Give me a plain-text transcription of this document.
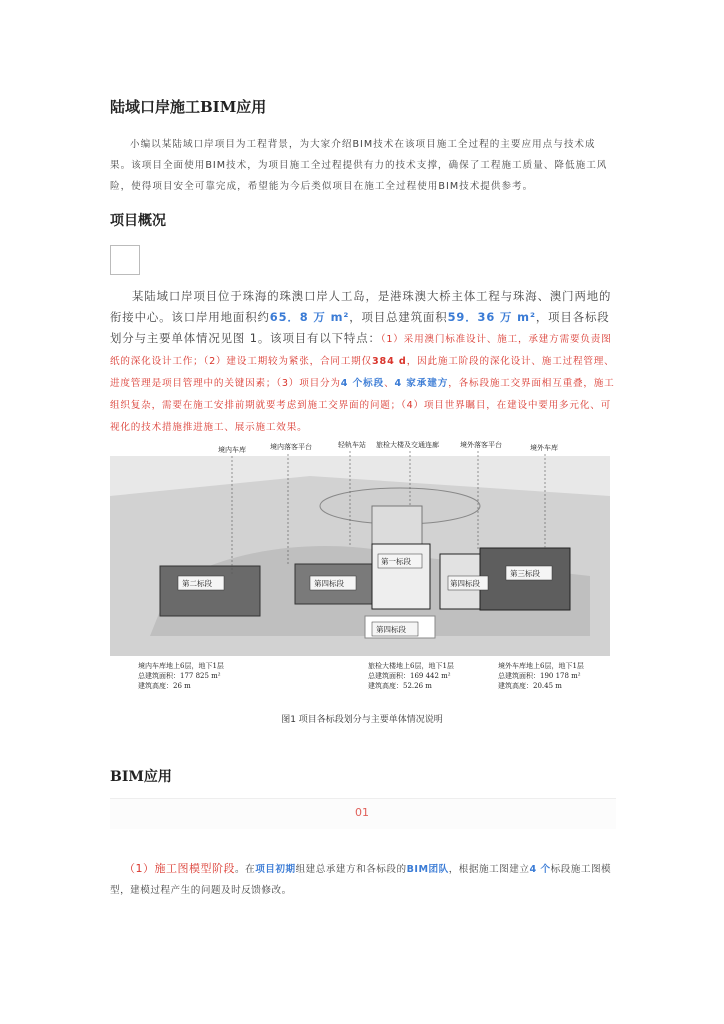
陆域口岸施工BIM应用
小编以某陆域口岸项目为工程背景，为大家介绍BIM技术在该项目施工全过程的主要应用点与技术成果。该项目全面使用BIM技术，为项目施工全过程提供有力的技术支撑，确保了工程施工质量、降低施工风险，使得项目安全可靠完成，希望能为今后类似项目在施工全过程使用BIM技术提供参考。
项目概况
某陆域口岸项目位于珠海的珠澳口岸人工岛，是港珠澳大桥主体工程与珠海、澳门两地的衔接中心。该口岸用地面积约65．8 万 m²，项目总建筑面积59．36 万 m²，项目各标段划分与主要单体情况见图 1。该项目有以下特点：（1）采用澳门标准设计、施工，承建方需要负责图纸的深化设计工作；（2）建设工期较为紧张，合同工期仅384 d，因此施工阶段的深化设计、施工过程管理、进度管理是项目管理中的关键因素；（3）项目分为4 个标段、4 家承建方，各标段施工交界面相互重叠，施工组织复杂，需要在施工安排前期就要考虑到施工交界面的问题；（4）项目世界瞩目，在建设中要用多元化、可视化的技术措施推进施工、展示施工效果。
境内车库	境内落客平台	轻轨车站 旅检大楼及交通连廊	境外落客平台	境外车库
第二标段	第四标段
第一标段
第四标段
第三标段
第四标段
境内车库地上6层，地下1层
总建筑面积：177 825 m²
建筑高度：26 m
旅检大楼地上6层，地下1层
总建筑面积：169 442 m²
建筑高度：52.26 m
境外车库地上6层，地下1层
总建筑面积：190 178 m²
建筑高度：20.45 m
图1 项目各标段划分与主要单体情况说明
BIM应用
01
（1）施工图模型阶段。在项目初期组建总承建方和各标段的BIM团队，根据施工图建立4 个标段施工图模型，建模过程产生的问题及时反馈修改。
